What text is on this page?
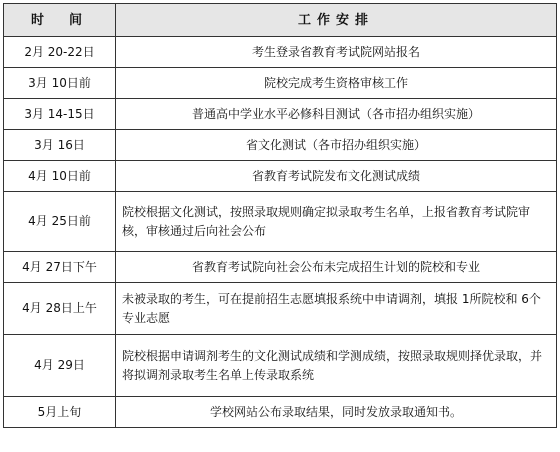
时　间	工作安排
2月 20-22日	考生登录省教育考试院网站报名
3月 10日前	院校完成考生资格审核工作
3月 14-15日	普通高中学业水平必修科目测试（各市招办组织实施）
3月 16日	省文化测试（各市招办组织实施）
4月 10日前	省教育考试院发布文化测试成绩
4月 25日前	院校根据文化测试，按照录取规则确定拟录取考生名单，上报省教育考试院审核，审核通过后向社会公布
4月 27日下午	省教育考试院向社会公布未完成招生计划的院校和专业
4月 28日上午	未被录取的考生，可在提前招生志愿填报系统中申请调剂，填报 1所院校和 6个专业志愿
4月 29日	院校根据申请调剂考生的文化测试成绩和学测成绩，按照录取规则择优录取，并将拟调剂录取考生名单上传录取系统
5月上旬	学校网站公布录取结果，同时发放录取通知书。
